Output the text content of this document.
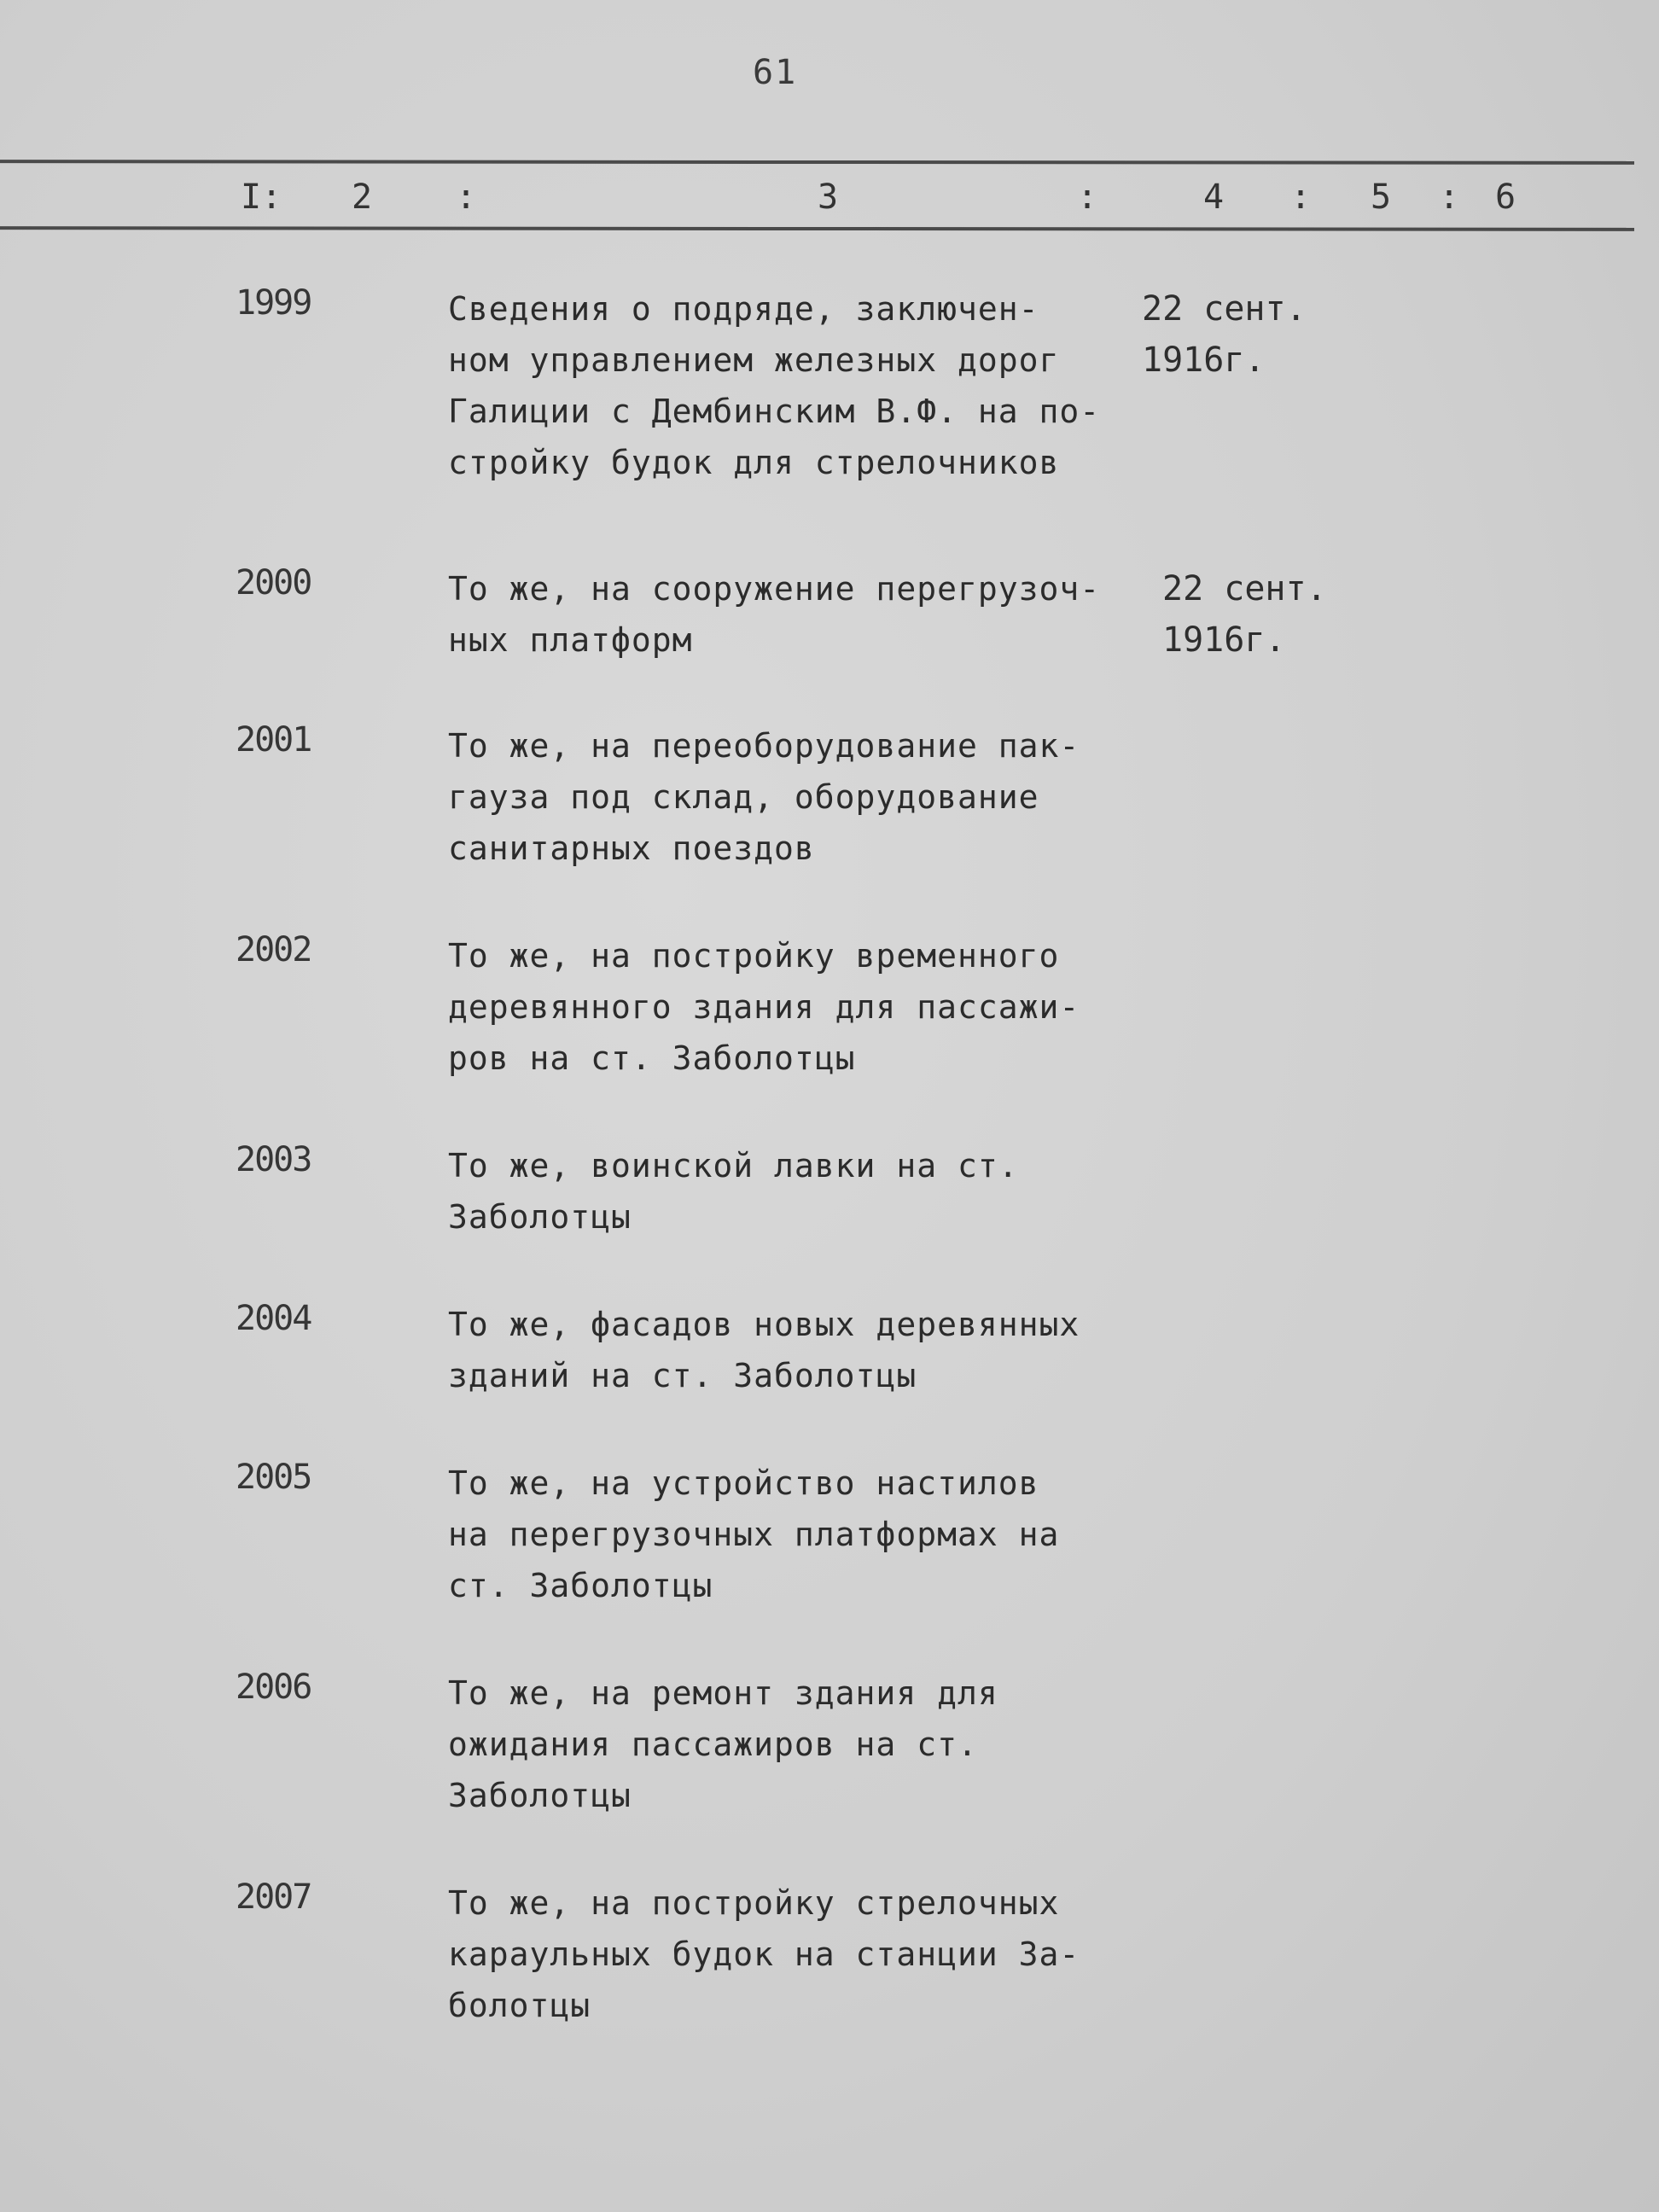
61
I: 2 :	3	:	4 : 5 : 6
1999	Сведения о подряде, заключен-
ном управлением железных дорог
Галиции с Дембинским В.Ф. на по-
стройку будок для стрелочников
22 сент.
1916г.
2000	То же, на сооружение перегрузоч-
ных платформ
22 сент.
1916г.
2001	То же, на переоборудование пак-
гауза под склад, оборудование
санитарных поездов
2002	То же, на постройку временного
деревянного здания для пассажи-
ров на ст. Заболотцы
2003	То же, воинской лавки на ст.
Заболотцы
2004	То же, фасадов новых деревянных
зданий на ст. Заболотцы
2005	То же, на устройство настилов
на перегрузочных платформах на
ст. Заболотцы
2006	То же, на ремонт здания для
ожидания пассажиров на ст.
Заболотцы
2007	То же, на постройку стрелочных
караульных будок на станции За-
болотцы
